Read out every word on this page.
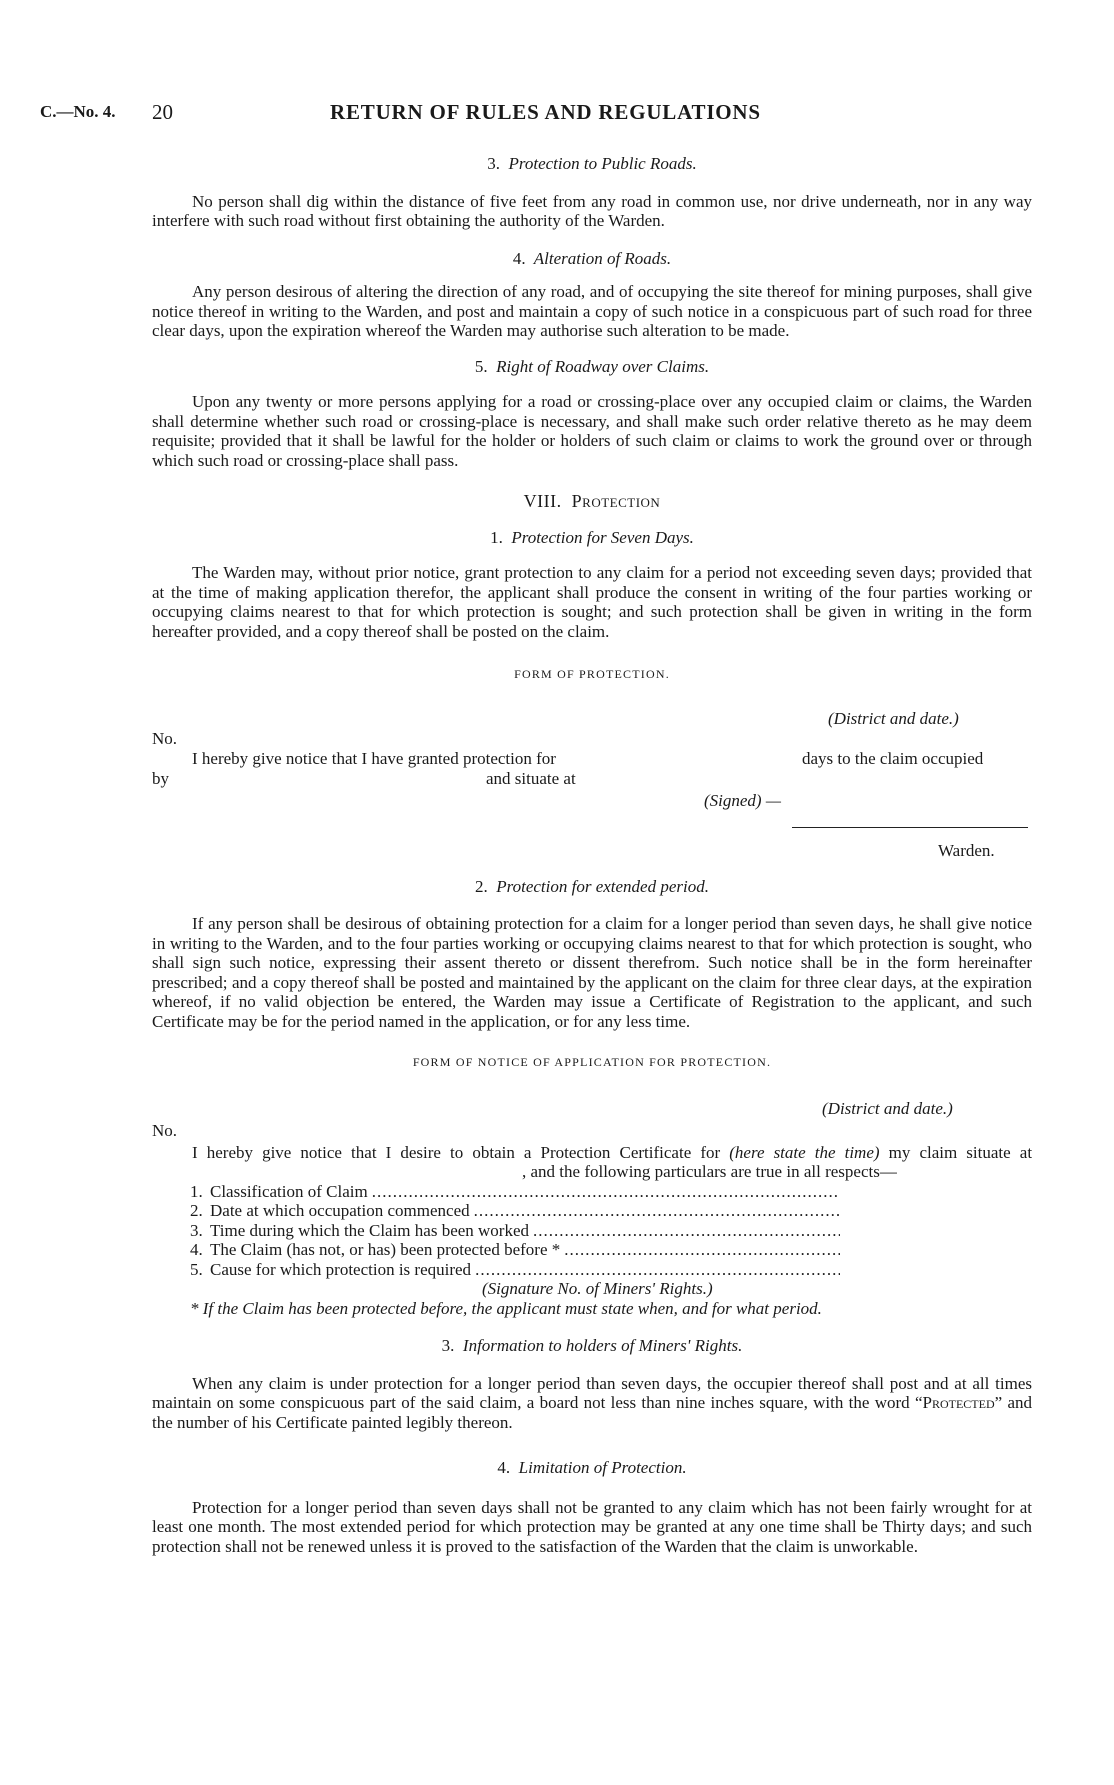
C.—No. 4. 20	RETURN OF RULES AND REGULATIONS
3. Protection to Public Roads.

No person shall dig within the distance of five feet from any road in common use, nor drive underneath, nor in any way interfere with such road without first obtaining the authority of the Warden.

4. Alteration of Roads.

Any person desirous of altering the direction of any road, and of occupying the site thereof for mining purposes, shall give notice thereof in writing to the Warden, and post and maintain a copy of such notice in a conspicuous part of such road for three clear days, upon the expiration whereof the Warden may authorise such alteration to be made.

5. Right of Roadway over Claims.

Upon any twenty or more persons applying for a road or crossing-place over any occupied claim or claims, the Warden shall determine whether such road or crossing-place is necessary, and shall make such order relative thereto as he may deem requisite; provided that it shall be lawful for the holder or holders of such claim or claims to work the ground over or through which such road or crossing-place shall pass.

VIII. Protection
1. Protection for Seven Days.

The Warden may, without prior notice, grant protection to any claim for a period not exceeding seven days; provided that at the time of making application therefor, the applicant shall produce the consent in writing of the four parties working or occupying claims nearest to that for which protection is sought; and such protection shall be given in writing in the form hereafter provided, and a copy thereof shall be posted on the claim.

FORM OF PROTECTION.
(District and date.)
No.
I hereby give notice that I have granted protection for	days to the claim occupied
by	and situate at
(Signed) —
Warden.
2. Protection for extended period.

If any person shall be desirous of obtaining protection for a claim for a longer period than seven days, he shall give notice in writing to the Warden, and to the four parties working or occupying claims nearest to that for which protection is sought, who shall sign such notice, expressing their assent thereto or dissent therefrom. Such notice shall be in the form hereinafter prescribed; and a copy thereof shall be posted and maintained by the applicant on the claim for three clear days, at the expiration whereof, if no valid objection be entered, the Warden may issue a Certificate of Registration to the applicant, and such Certificate may be for the period named in the application, or for any less time.

FORM OF NOTICE OF APPLICATION FOR PROTECTION.
(District and date.)
No.

I hereby give notice that I desire to obtain a Protection Certificate for (here state the time) my claim situate at , and the following particulars are true in all respects—

1. Classification of Claim
.....
2. Date at which occupation commenced
.....
3. Time during which the Claim has been worked
.....
4. The Claim (has not, or has) been protected before *
.....
5. Cause for which protection is required
.....
(Signature No. of Miners' Rights.)
* If the Claim has been protected before, the applicant must state when, and for what period.
3. Information to holders of Miners' Rights.

When any claim is under protection for a longer period than seven days, the occupier thereof shall post and at all times maintain on some conspicuous part of the said claim, a board not less than nine inches square, with the word “Protected” and the number of his Certificate painted legibly thereon.

4. Limitation of Protection.

Protection for a longer period than seven days shall not be granted to any claim which has not been fairly wrought for at least one month. The most extended period for which protection may be granted at any one time shall be Thirty days; and such protection shall not be renewed unless it is proved to the satisfaction of the Warden that the claim is unworkable.
